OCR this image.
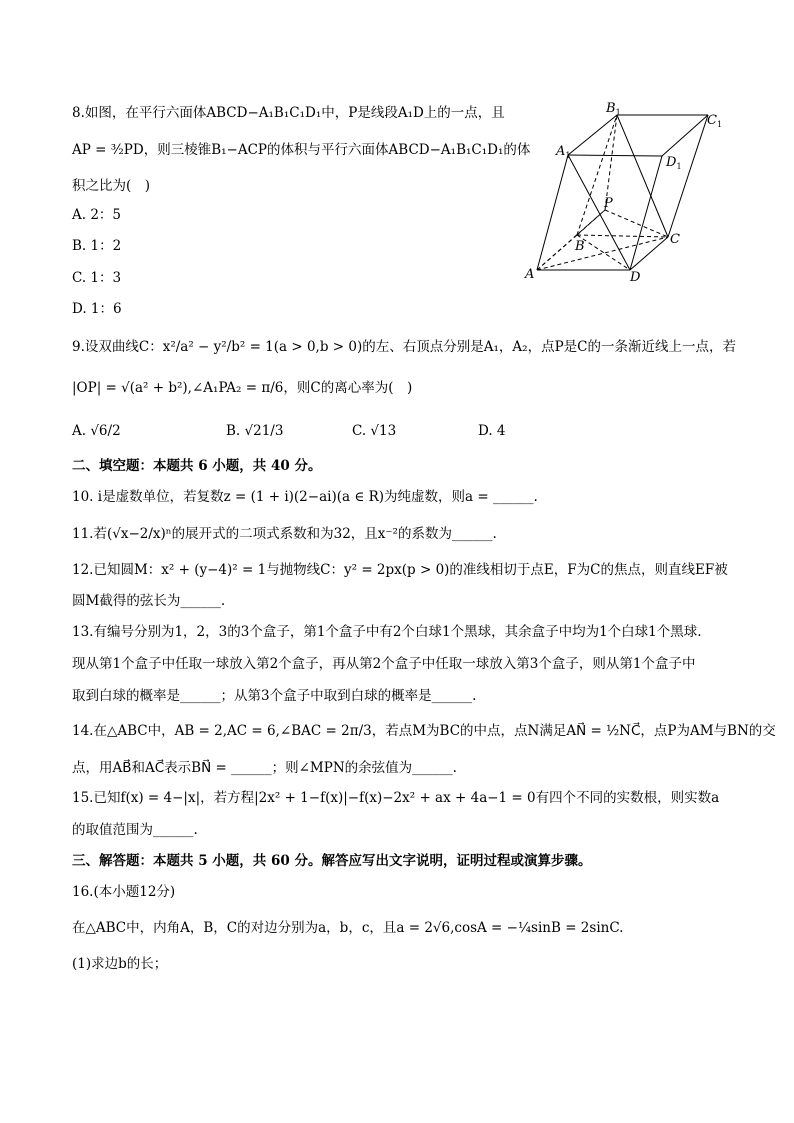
8.如图，在平行六面体ABCD−A₁B₁C₁D₁中，P是线段A₁D上的一点，且
AP = ³⁄₂PD，则三棱锥B₁−ACP的体积与平行六面体ABCD−A₁B₁C₁D₁的体
积之比为(　)
A. 2：5
B. 1：2
C. 1：3
D. 1：6
$B_1$
$C_1$
$A_1$	$D_1$
P
B	C
A	D
9.设双曲线C：x²/a² − y²/b² = 1(a > 0,b > 0)的左、右顶点分别是A₁，A₂，点P是C的一条渐近线上一点，若
|OP| = √(a² + b²),∠A₁PA₂ = π/6，则C的离心率为(　)
A. √6/2	B. √21/3	C. √13	D. 4
二、填空题：本题共 6 小题，共 40 分。
10. i是虚数单位，若复数z = (1 + i)(2−ai)(a ∈ R)为纯虚数，则a = ______.
11.若(√x−2/x)ⁿ的展开式的二项式系数和为32，且x⁻²的系数为______.
12.已知圆M：x² + (y−4)² = 1与抛物线C：y² = 2px(p > 0)的准线相切于点E，F为C的焦点，则直线EF被
圆M截得的弦长为______.
13.有编号分别为1，2，3的3个盒子，第1个盒子中有2个白球1个黑球，其余盒子中均为1个白球1个黑球.
现从第1个盒子中任取一球放入第2个盒子，再从第2个盒子中任取一球放入第3个盒子，则从第1个盒子中
取到白球的概率是______；从第3个盒子中取到白球的概率是______.
14.在△ABC中，AB = 2,AC = 6,∠BAC = 2π/3，若点M为BC的中点，点N满足AN⃗ = ½NC⃗，点P为AM与BN的交
点，用AB⃗和AC⃗表示BN⃗ = ______；则∠MPN的余弦值为______.
15.已知f(x) = 4−|x|，若方程|2x² + 1−f(x)|−f(x)−2x² + ax + 4a−1 = 0有四个不同的实数根，则实数a
的取值范围为______.
三、解答题：本题共 5 小题，共 60 分。解答应写出文字说明，证明过程或演算步骤。
16.(本小题12分)
在△ABC中，内角A，B，C的对边分别为a，b，c，且a = 2√6,cosA = −¼sinB = 2sinC.
(1)求边b的长；
